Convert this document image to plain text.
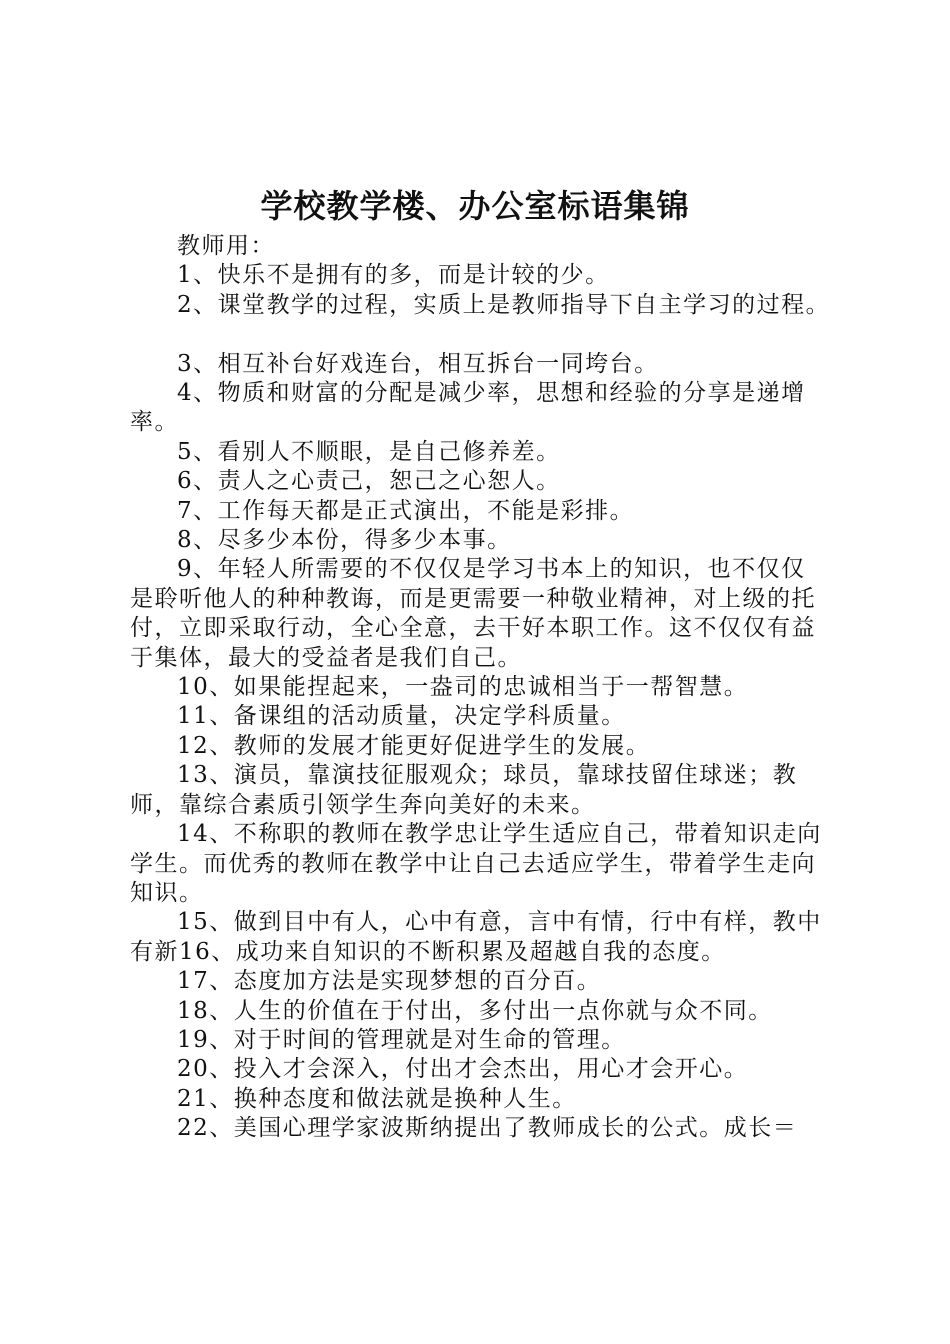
学校教学楼、办公室标语集锦

教师用：

1、快乐不是拥有的多，而是计较的少。

2、课堂教学的过程，实质上是教师指导下自主学习的过程。

3、相互补台好戏连台，相互拆台一同垮台。

4、物质和财富的分配是减少率，思想和经验的分享是递增率。

5、看别人不顺眼，是自己修养差。

6、责人之心责己，恕己之心恕人。

7、工作每天都是正式演出，不能是彩排。

8、尽多少本份，得多少本事。

9、年轻人所需要的不仅仅是学习书本上的知识，也不仅仅是聆听他人的种种教诲，而是更需要一种敬业精神，对上级的托付，立即采取行动，全心全意，去干好本职工作。这不仅仅有益于集体，最大的受益者是我们自己。

10、如果能捏起来，一盎司的忠诚相当于一帮智慧。

11、备课组的活动质量，决定学科质量。

12、教师的发展才能更好促进学生的发展。

13、演员，靠演技征服观众；球员，靠球技留住球迷；教师，靠综合素质引领学生奔向美好的未来。

14、不称职的教师在教学忠让学生适应自己，带着知识走向学生。而优秀的教师在教学中让自己去适应学生，带着学生走向知识。

15、做到目中有人，心中有意，言中有情，行中有样，教中有新16、成功来自知识的不断积累及超越自我的态度。

17、态度加方法是实现梦想的百分百。

18、人生的价值在于付出，多付出一点你就与众不同。

19、对于时间的管理就是对生命的管理。

20、投入才会深入，付出才会杰出，用心才会开心。

21、换种态度和做法就是换种人生。

22、美国心理学家波斯纳提出了教师成长的公式。成长＝
